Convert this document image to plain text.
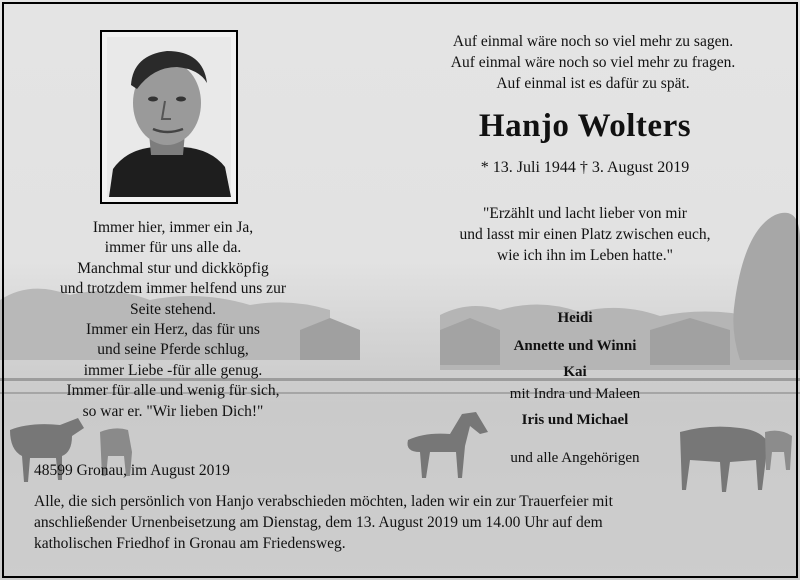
Auf einmal wäre noch so viel mehr zu sagen.
Auf einmal wäre noch so viel mehr zu fragen.
Auf einmal ist es dafür zu spät.
Hanjo Wolters
* 13. Juli 1944 † 3. August 2019
"Erzählt und lacht lieber von mir
und lasst mir einen Platz zwischen euch,
wie ich ihn im Leben hatte."
Immer hier, immer ein Ja,
immer für uns alle da.
Manchmal stur und dickköpfig
und trotzdem immer helfend uns zur
Seite stehend.
Immer ein Herz, das für uns
und seine Pferde schlug,
immer Liebe -für alle genug.
Immer für alle und wenig für sich,
so war er. "Wir lieben Dich!"
Heidi
Annette und Winni
Kai
mit Indra und Maleen
Iris und Michael
und alle Angehörigen
48599 Gronau, im August 2019
Alle, die sich persönlich von Hanjo verabschieden möchten, laden wir ein zur Trauerfeier mit
anschließender Urnenbeisetzung am Dienstag, dem 13. August 2019 um 14.00 Uhr auf dem
katholischen Friedhof in Gronau am Friedensweg.
